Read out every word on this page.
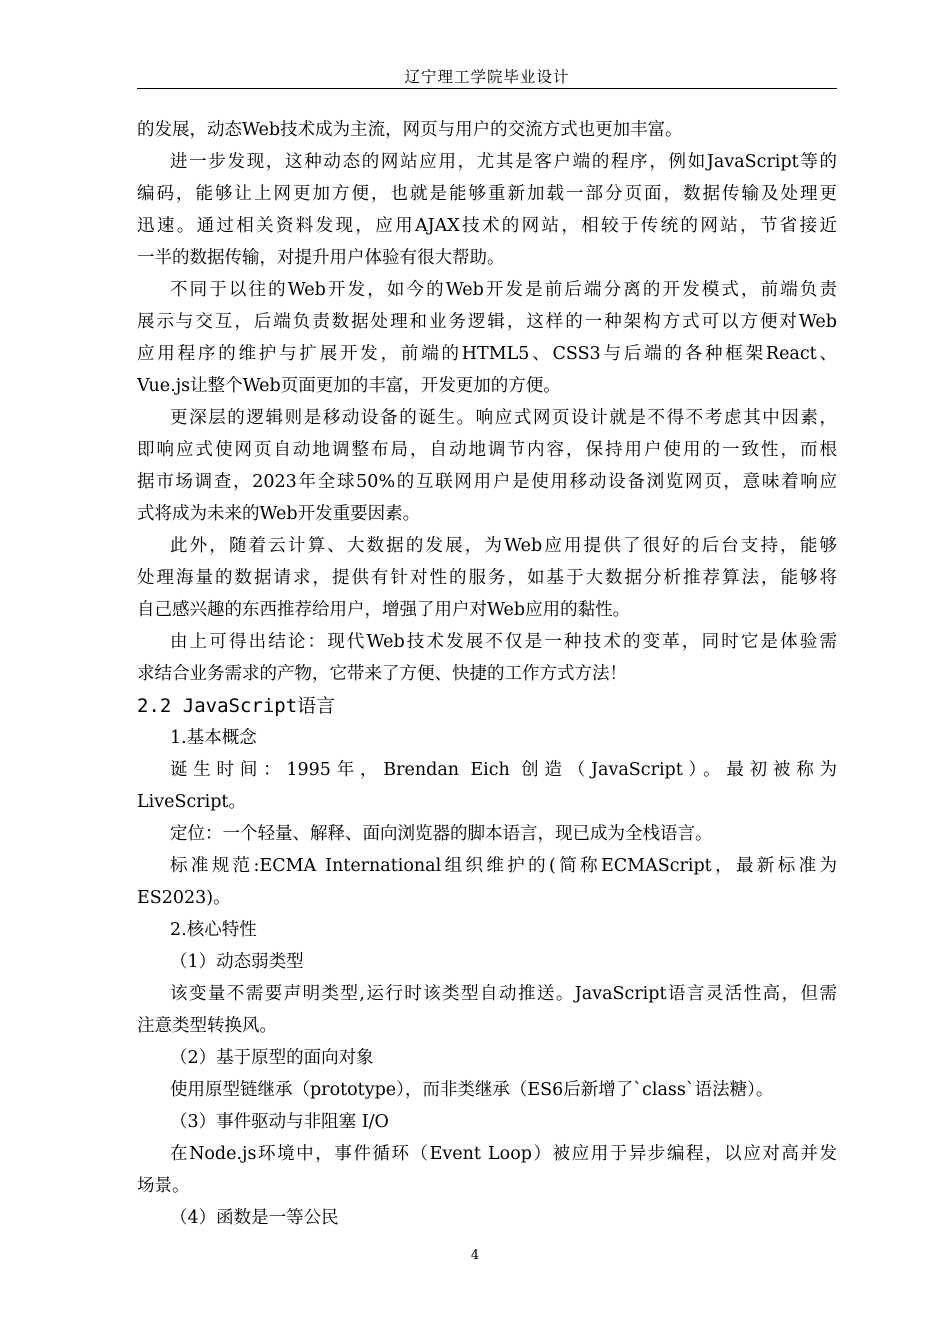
辽宁理工学院毕业设计
的发展，动态Web技术成为主流，网页与用户的交流方式也更加丰富。
进一步发现，这种动态的网站应用，尤其是客户端的程序，例如JavaScript等的
编码，能够让上网更加方便，也就是能够重新加载一部分页面，数据传输及处理更
迅速。通过相关资料发现，应用AJAX技术的网站，相较于传统的网站，节省接近
一半的数据传输，对提升用户体验有很大帮助。
不同于以往的Web开发，如今的Web开发是前后端分离的开发模式，前端负责
展示与交互，后端负责数据处理和业务逻辑，这样的一种架构方式可以方便对Web
应用程序的维护与扩展开发，前端的HTML5、CSS3与后端的各种框架React、
Vue.js让整个Web页面更加的丰富，开发更加的方便。
更深层的逻辑则是移动设备的诞生。响应式网页设计就是不得不考虑其中因素，
即响应式使网页自动地调整布局，自动地调节内容，保持用户使用的一致性，而根
据市场调查，2023年全球50%的互联网用户是使用移动设备浏览网页，意味着响应
式将成为未来的Web开发重要因素。
此外，随着云计算、大数据的发展，为Web应用提供了很好的后台支持，能够
处理海量的数据请求，提供有针对性的服务，如基于大数据分析推荐算法，能够将
自己感兴趣的东西推荐给用户，增强了用户对Web应用的黏性。
由上可得出结论：现代Web技术发展不仅是一种技术的变革，同时它是体验需
求结合业务需求的产物，它带来了方便、快捷的工作方式方法！
2.2 JavaScript语言
1.基本概念
诞生时间：1995年，Brendan Eich 创造（JavaScript）。最初被称为
LiveScript。
定位：一个轻量、解释、面向浏览器的脚本语言，现已成为全栈语言。
标准规范:ECMA International组织维护的(简称ECMAScript，最新标准为
ES2023)。
2.核心特性
（1）动态弱类型
该变量不需要声明类型,运行时该类型自动推送。JavaScript语言灵活性高，但需
注意类型转换风。
（2）基于原型的面向对象
使用原型链继承（prototype），而非类继承（ES6后新增了`class`语法糖）。
（3）事件驱动与非阻塞 I/O
在Node.js环境中，事件循环（Event Loop）被应用于异步编程，以应对高并发
场景。
（4）函数是一等公民
4
